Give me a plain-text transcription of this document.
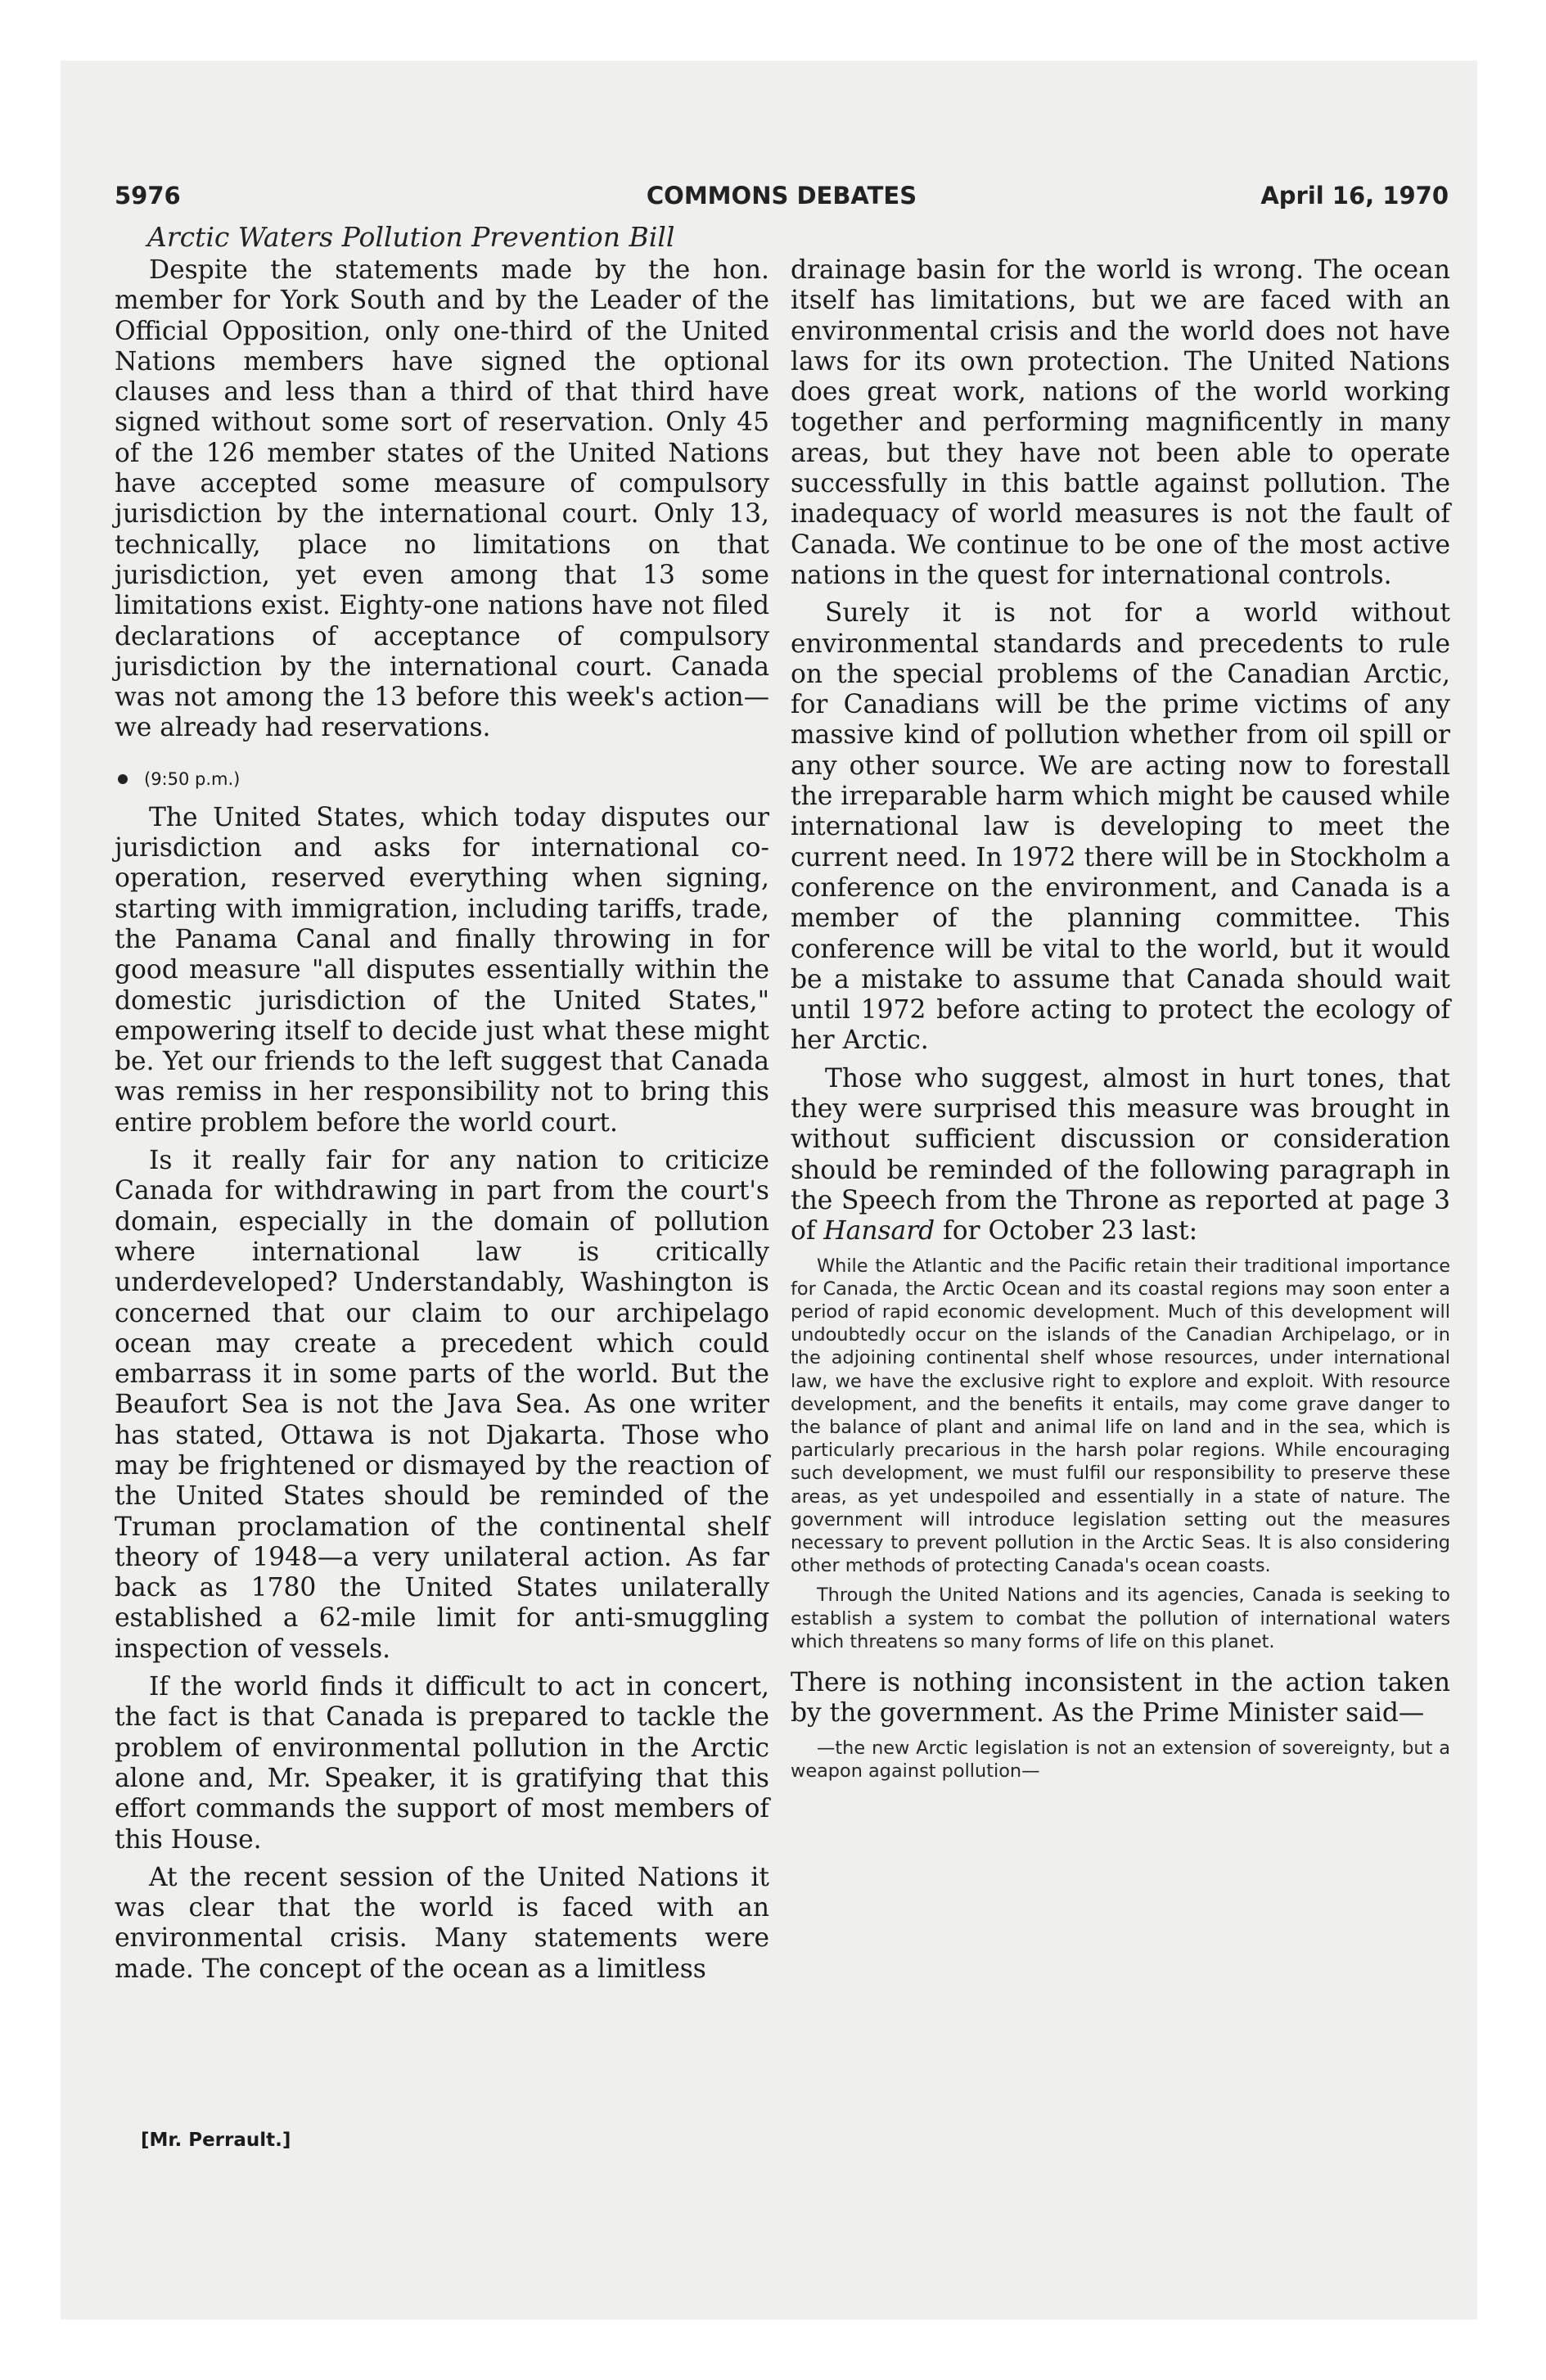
5976	COMMONS DEBATES	April 16, 1970
Arctic Waters Pollution Prevention Bill

Despite the statements made by the hon. member for York South and by the Leader of the Official Opposition, only one-third of the United Nations members have signed the optional clauses and less than a third of that third have signed without some sort of reservation. Only 45 of the 126 member states of the United Nations have accepted some measure of compulsory jurisdiction by the international court. Only 13, technically, place no limitations on that jurisdiction, yet even among that 13 some limitations exist. Eighty-one nations have not filed declarations of acceptance of compulsory jurisdiction by the international court. Canada was not among the 13 before this week's action—we already had reservations.

(9:50 p.m.)

The United States, which today disputes our jurisdiction and asks for international co-operation, reserved everything when signing, starting with immigration, including tariffs, trade, the Panama Canal and finally throwing in for good measure "all disputes essentially within the domestic jurisdiction of the United States," empowering itself to decide just what these might be. Yet our friends to the left suggest that Canada was remiss in her responsibility not to bring this entire problem before the world court.

Is it really fair for any nation to criticize Canada for withdrawing in part from the court's domain, especially in the domain of pollution where international law is critically underdeveloped? Understandably, Washington is concerned that our claim to our archipelago ocean may create a precedent which could embarrass it in some parts of the world. But the Beaufort Sea is not the Java Sea. As one writer has stated, Ottawa is not Djakarta. Those who may be frightened or dismayed by the reaction of the United States should be reminded of the Truman proclamation of the continental shelf theory of 1948—a very unilateral action. As far back as 1780 the United States unilaterally established a 62-mile limit for anti-smuggling inspection of vessels.

If the world finds it difficult to act in concert, the fact is that Canada is prepared to tackle the problem of environmental pollution in the Arctic alone and, Mr. Speaker, it is gratifying that this effort commands the support of most members of this House.

At the recent session of the United Nations it was clear that the world is faced with an environmental crisis. Many statements were made. The concept of the ocean as a limitless

[Mr. Perrault.]

drainage basin for the world is wrong. The ocean itself has limitations, but we are faced with an environmental crisis and the world does not have laws for its own protection. The United Nations does great work, nations of the world working together and performing magnificently in many areas, but they have not been able to operate successfully in this battle against pollution. The inadequacy of world measures is not the fault of Canada. We continue to be one of the most active nations in the quest for international controls.

Surely it is not for a world without environmental standards and precedents to rule on the special problems of the Canadian Arctic, for Canadians will be the prime victims of any massive kind of pollution whether from oil spill or any other source. We are acting now to forestall the irreparable harm which might be caused while international law is developing to meet the current need. In 1972 there will be in Stockholm a conference on the environment, and Canada is a member of the planning committee. This conference will be vital to the world, but it would be a mistake to assume that Canada should wait until 1972 before acting to protect the ecology of her Arctic.

Those who suggest, almost in hurt tones, that they were surprised this measure was brought in without sufficient discussion or consideration should be reminded of the following paragraph in the Speech from the Throne as reported at page 3 of Hansard for October 23 last:

While the Atlantic and the Pacific retain their traditional importance for Canada, the Arctic Ocean and its coastal regions may soon enter a period of rapid economic development. Much of this development will undoubtedly occur on the islands of the Canadian Archipelago, or in the adjoining continental shelf whose resources, under international law, we have the exclusive right to explore and exploit. With resource development, and the benefits it entails, may come grave danger to the balance of plant and animal life on land and in the sea, which is particularly precarious in the harsh polar regions. While encouraging such development, we must fulfil our responsibility to preserve these areas, as yet undespoiled and essentially in a state of nature. The government will introduce legislation setting out the measures necessary to prevent pollution in the Arctic Seas. It is also considering other methods of protecting Canada's ocean coasts.

Through the United Nations and its agencies, Canada is seeking to establish a system to combat the pollution of international waters which threatens so many forms of life on this planet.

There is nothing inconsistent in the action taken by the government. As the Prime Minister said—

—the new Arctic legislation is not an extension of sovereignty, but a weapon against pollution—
